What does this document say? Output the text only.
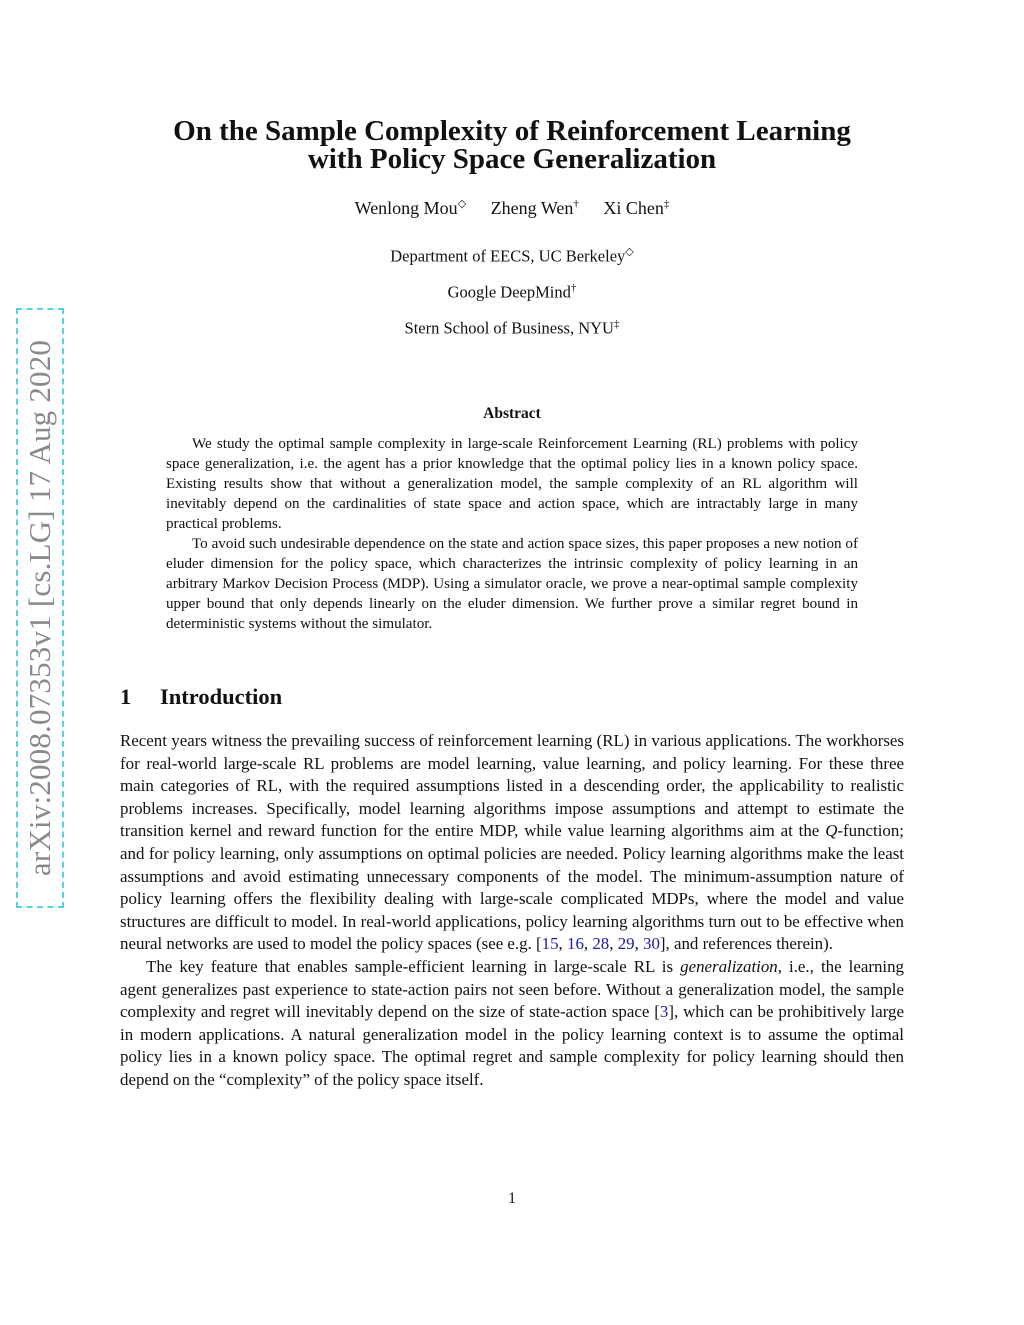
arXiv:2008.07353v1 [cs.LG] 17 Aug 2020
On the Sample Complexity of Reinforcement Learning
with Policy Space Generalization
Wenlong Mou◇ Zheng Wen† Xi Chen‡
Department of EECS, UC Berkeley◇
Google DeepMind†
Stern School of Business, NYU‡
Abstract

We study the optimal sample complexity in large-scale Reinforcement Learning (RL) problems with policy space generalization, i.e. the agent has a prior knowledge that the optimal policy lies in a known policy space. Existing results show that without a generalization model, the sample complexity of an RL algorithm will inevitably depend on the cardinalities of state space and action space, which are intractably large in many practical problems.

To avoid such undesirable dependence on the state and action space sizes, this paper proposes a new notion of eluder dimension for the policy space, which characterizes the intrinsic complexity of policy learning in an arbitrary Markov Decision Process (MDP). Using a simulator oracle, we prove a near-optimal sample complexity upper bound that only depends linearly on the eluder dimension. We further prove a similar regret bound in deterministic systems without the simulator.

1 Introduction

Recent years witness the prevailing success of reinforcement learning (RL) in various applications. The workhorses for real-world large-scale RL problems are model learning, value learning, and policy learning. For these three main categories of RL, with the required assumptions listed in a descending order, the applicability to realistic problems increases. Specifically, model learning algorithms impose assumptions and attempt to estimate the transition kernel and reward function for the entire MDP, while value learning algorithms aim at the Q-function; and for policy learning, only assumptions on optimal policies are needed. Policy learning algorithms make the least assumptions and avoid estimating unnecessary components of the model. The minimum-assumption nature of policy learning offers the flexibility dealing with large-scale complicated MDPs, where the model and value structures are difficult to model. In real-world applications, policy learning algorithms turn out to be effective when neural networks are used to model the policy spaces (see e.g. [15, 16, 28, 29, 30], and references therein).

The key feature that enables sample-efficient learning in large-scale RL is generalization, i.e., the learning agent generalizes past experience to state-action pairs not seen before. Without a generalization model, the sample complexity and regret will inevitably depend on the size of state-action space [3], which can be prohibitively large in modern applications. A natural generalization model in the policy learning context is to assume the optimal policy lies in a known policy space. The optimal regret and sample complexity for policy learning should then depend on the “complexity” of the policy space itself.

1
